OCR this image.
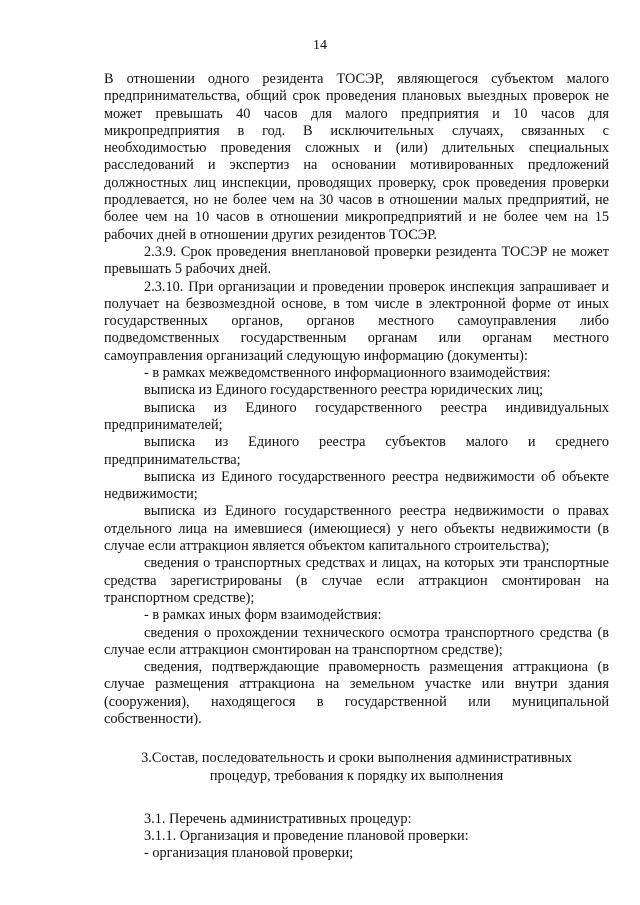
14

В отношении одного резидента ТОСЭР, являющегося субъектом малого предпринимательства, общий срок проведения плановых выездных проверок не может превышать 40 часов для малого предприятия и 10 часов для микропредприятия в год. В исключительных случаях, связанных с необходимостью проведения сложных и (или) длительных специальных расследований и экспертиз на основании мотивированных предложений должностных лиц инспекции, проводящих проверку, срок проведения проверки продлевается, но не более чем на 30 часов в отношении малых предприятий, не более чем на 10 часов в отношении микропредприятий и не более чем на 15 рабочих дней в отношении других резидентов ТОСЭР.

2.3.9. Срок проведения внеплановой проверки резидента ТОСЭР не может превышать 5 рабочих дней.

2.3.10. При организации и проведении проверок инспекция запрашивает и получает на безвозмездной основе, в том числе в электронной форме от иных государственных органов, органов местного самоуправления либо подведомственных государственным органам или органам местного самоуправления организаций следующую информацию (документы):

- в рамках межведомственного информационного взаимодействия:

выписка из Единого государственного реестра юридических лиц;

выписка из Единого государственного реестра индивидуальных предпринимателей;

выписка из Единого реестра субъектов малого и среднего предпринимательства;

выписка из Единого государственного реестра недвижимости об объекте недвижимости;

выписка из Единого государственного реестра недвижимости о правах отдельного лица на имевшиеся (имеющиеся) у него объекты недвижимости (в случае если аттракцион является объектом капитального строительства);

сведения о транспортных средствах и лицах, на которых эти транспортные средства зарегистрированы (в случае если аттракцион смонтирован на транспортном средстве);

- в рамках иных форм взаимодействия:

сведения о прохождении технического осмотра транспортного средства (в случае если аттракцион смонтирован на транспортном средстве);

сведения, подтверждающие правомерность размещения аттракциона (в случае размещения аттракциона на земельном участке или внутри здания (сооружения), находящегося в государственной или муниципальной собственности).

3.Состав, последовательность и сроки выполнения административных

процедур, требования к порядку их выполнения

3.1. Перечень административных процедур:

3.1.1. Организация и проведение плановой проверки:

- организация плановой проверки;
